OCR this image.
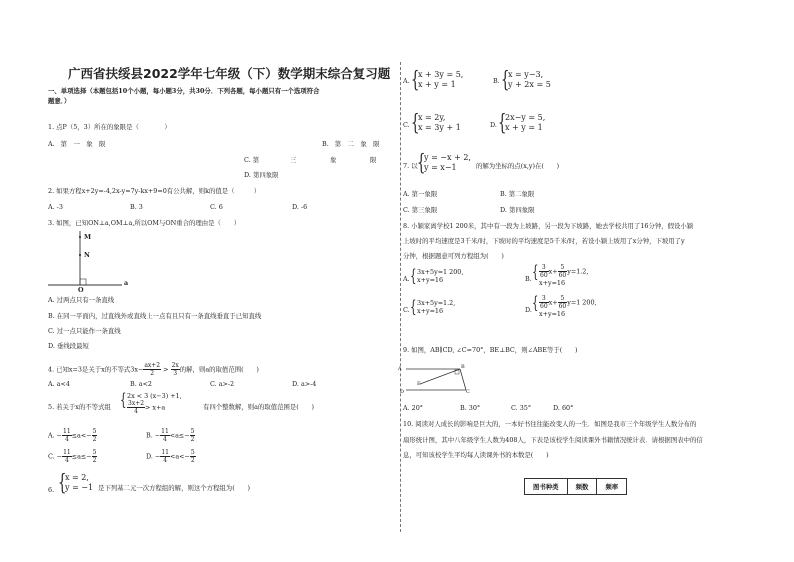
广西省扶绥县2022学年七年级（下）数学期末综合复习题
一、单项选择（本题包括10个小题，每小题3分，共30分．下列各题，每小题只有一个选项符合
题意．）
1. 点P（5，3）所在的象限是（　　　　）
A. 第　一　象　限	B. 第　二　象　限
C. 第	三	象	限
D. 第四象限
2. 如果方程x+2y=-4,2x-y=7y-kx+9=0有公共解，则k的值是（　　　）
A. -3	B. 3	C. 6	D. -6
3. 如图，已知ON⊥a,OM⊥a,所以OM与ON重合的理由是（　　）
M
N
O
a
A. 过两点只有一条直线
B. 在同一平面内，过直线外或直线上一点有且只有一条直线垂直于已知直线
C. 过一点只能作一条直线
D. 垂线段最短
4. 已知x=3是关于x的不等式$3x- \frac{ax+2}{2} > \frac{2x}{3}$ 的解，则a的取值范围(　　)
A. a<4	B. a<2	C. a>-2	D. a>-4
5. 若关于x的不等式组 { 2x < 3 (x−3) +1,
$\frac{3x+2}{4} > x+a$	有四个整数解，则a的取值范围是(　　)
A. − $\frac{11}{4} \le a<- \frac{5}{2}$	B. − $\frac{11}{4} <a\le- \frac{5}{2}$
C. − $\frac{11}{4} \le a\le- \frac{5}{2}$	D. − $\frac{11}{4} <a<- \frac{5}{2}$
6. {
x = 2,
y = −1 是下列基二元一次方程组的解，则这个方程组为(　　)
A. {
x + 3y = 5,
x + y = 1	B. {
x = y−3,
y + 2x = 5
C. {
x = 2y,
x = 3y + 1	D. {
2x−y = 5,
x + y = 1
7. 以 {
y = −x + 2,
y = x−1	的解为坐标的点(x,y)在(　　)
A. 第一象限	B. 第二象限
C. 第三象限	D. 第四象限
8. 小颖家离学校1 200米，其中有一段为上坡路，另一段为下坡路，她去学校共用了16分钟，假设小颖
上坡时的平均速度是3千米/时，下坡时的平均速度是5千米/时，若设小颖上坡用了x分钟，下坡用了y
分钟，根据题意可列方程组为(　　)
A. { 3x+5y=1 200,
x+y=16	B. { $\frac{3}{60} x+ \frac{5}{60} y=1.2$,
x+y=16
C. { 3x+5y=1.2,
x+y=16	D. { $\frac{3}{60} x+ \frac{5}{60} y=1$ 200,
x+y=16
9. 如图，AB∥CD, ∠C=70°，BE⊥BC，则∠ABE等于(　　)
A	B
E
D	C
A. 20°	B. 30°	C. 35°	D. 60°
10. 阅读对人成长的影响是巨大的，一本好书往往能改变人的一生．如图是我市三个年级学生人数分布的
扇形统计图，其中八年级学生人数为408人，下表是该校学生阅读课外书籍情况统计表．请根据图表中的信
息，可知该校学生平均每人读课外书的本数是(　　)
图书种类	频数	频率
